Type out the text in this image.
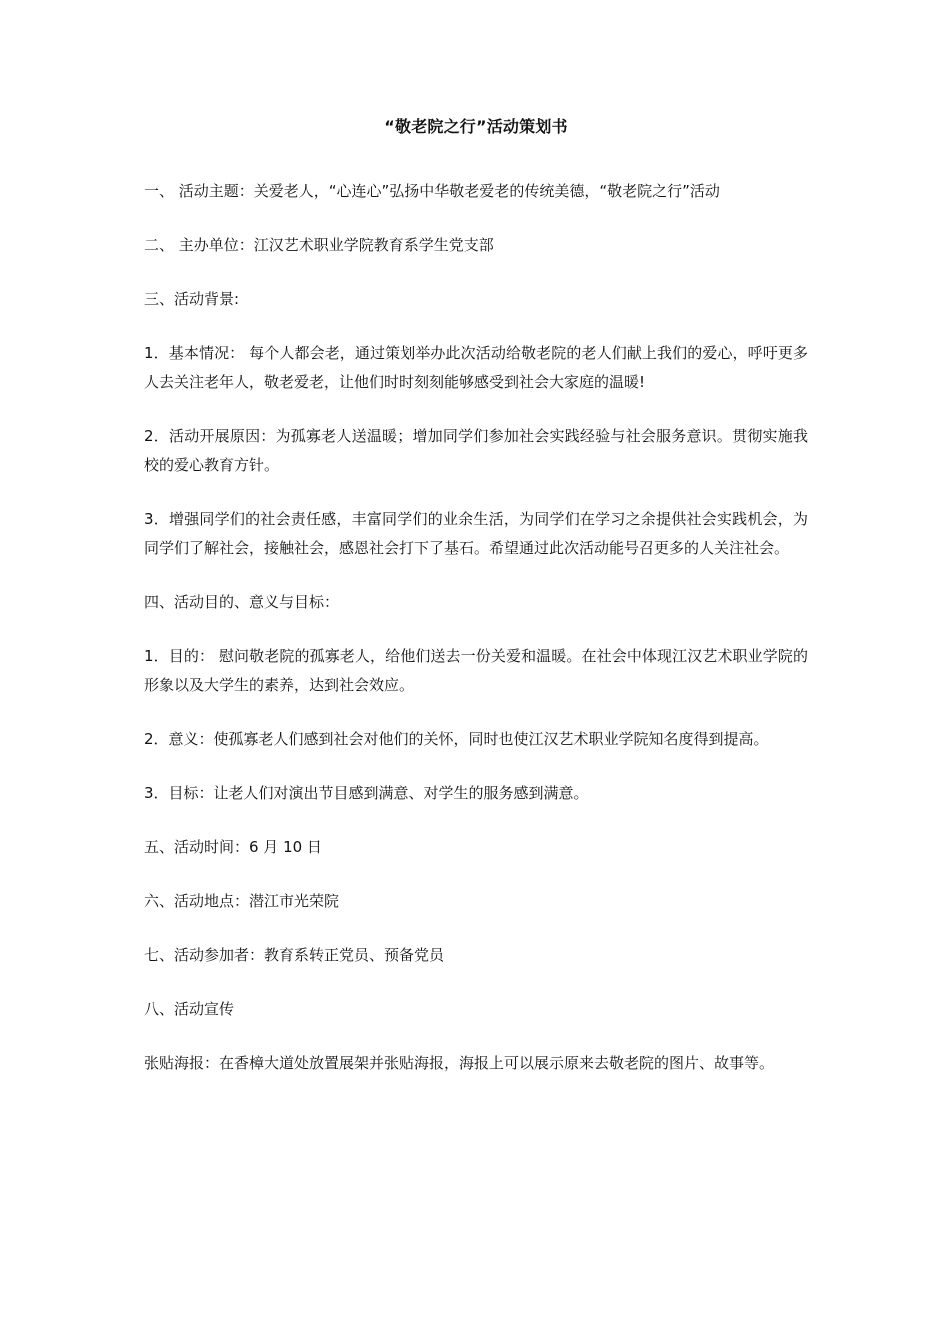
“敬老院之行”活动策划书

一、 活动主题：关爱老人，“心连心”弘扬中华敬老爱老的传统美德，“敬老院之行”活动

二、 主办单位：江汉艺术职业学院教育系学生党支部

三、活动背景:

1．基本情况： 每个人都会老，通过策划举办此次活动给敬老院的老人们献上我们的爱心，呼吁更多人去关注老年人，敬老爱老，让他们时时刻刻能够感受到社会大家庭的温暖!

2．活动开展原因：为孤寡老人送温暖；增加同学们参加社会实践经验与社会服务意识。贯彻实施我校的爱心教育方针。

3．增强同学们的社会责任感，丰富同学们的业余生活，为同学们在学习之余提供社会实践机会，为同学们了解社会，接触社会，感恩社会打下了基石。希望通过此次活动能号召更多的人关注社会。

四、活动目的、意义与目标：

1．目的： 慰问敬老院的孤寡老人，给他们送去一份关爱和温暖。在社会中体现江汉艺术职业学院的形象以及大学生的素养，达到社会效应。

2．意义：使孤寡老人们感到社会对他们的关怀，同时也使江汉艺术职业学院知名度得到提高。

3．目标：让老人们对演出节目感到满意、对学生的服务感到满意。

五、活动时间：6 月 10 日

六、活动地点：潜江市光荣院

七、活动参加者：教育系转正党员、预备党员

八、活动宣传

张贴海报：在香樟大道处放置展架并张贴海报，海报上可以展示原来去敬老院的图片、故事等。
